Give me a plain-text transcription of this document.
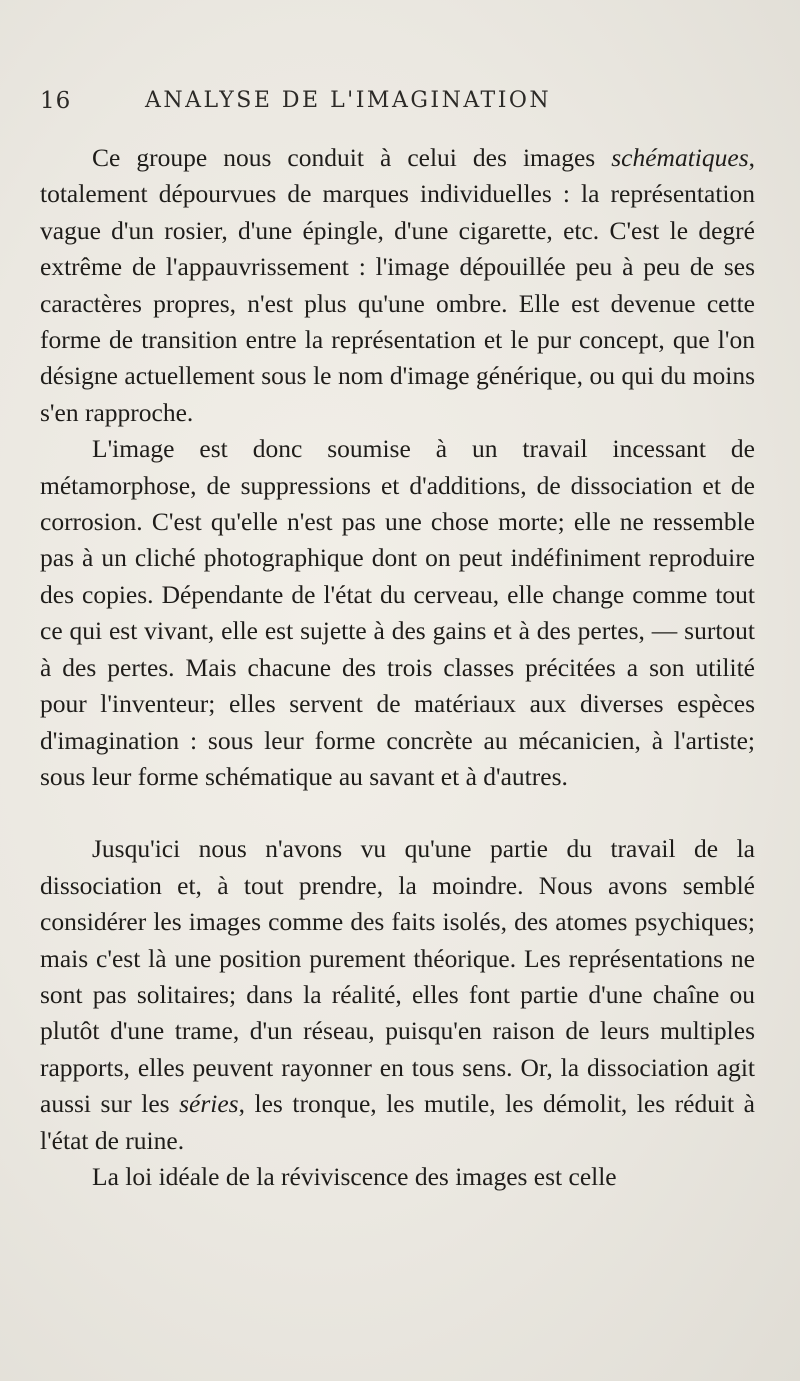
16	ANALYSE DE L'IMAGINATION

Ce groupe nous conduit à celui des images schématiques, totalement dépourvues de marques individuelles : la représentation vague d'un rosier, d'une épingle, d'une cigarette, etc. C'est le degré extrême de l'appauvrissement : l'image dépouillée peu à peu de ses caractères propres, n'est plus qu'une ombre. Elle est devenue cette forme de transition entre la représentation et le pur concept, que l'on désigne actuellement sous le nom d'image générique, ou qui du moins s'en rapproche.

L'image est donc soumise à un travail incessant de métamorphose, de suppressions et d'additions, de dissociation et de corrosion. C'est qu'elle n'est pas une chose morte; elle ne ressemble pas à un cliché photographique dont on peut indéfiniment reproduire des copies. Dépendante de l'état du cerveau, elle change comme tout ce qui est vivant, elle est sujette à des gains et à des pertes, — surtout à des pertes. Mais chacune des trois classes précitées a son utilité pour l'inventeur; elles servent de matériaux aux diverses espèces d'imagination : sous leur forme concrète au mécanicien, à l'artiste; sous leur forme schématique au savant et à d'autres.

Jusqu'ici nous n'avons vu qu'une partie du travail de la dissociation et, à tout prendre, la moindre. Nous avons semblé considérer les images comme des faits isolés, des atomes psychiques; mais c'est là une position purement théorique. Les représentations ne sont pas solitaires; dans la réalité, elles font partie d'une chaîne ou plutôt d'une trame, d'un réseau, puisqu'en raison de leurs multiples rapports, elles peuvent rayonner en tous sens. Or, la dissociation agit aussi sur les séries, les tronque, les mutile, les démolit, les réduit à l'état de ruine.

La loi idéale de la réviviscence des images est celle
